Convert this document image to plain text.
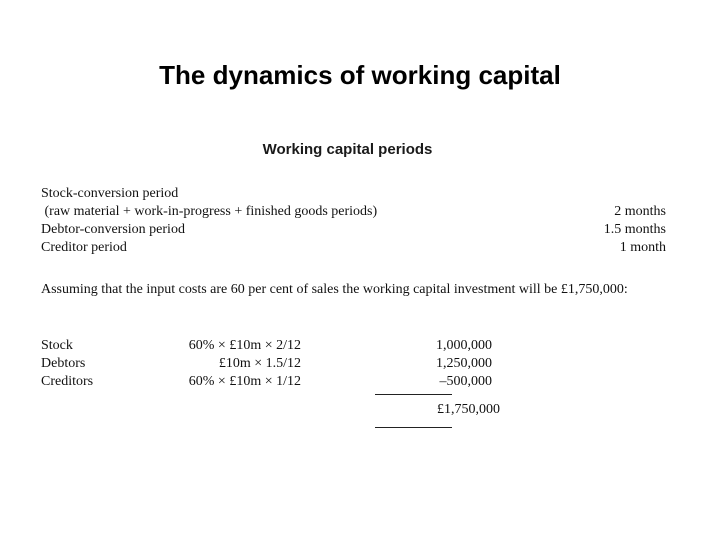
The dynamics of working capital
Working capital periods
Stock-conversion period
(raw material + work-in-progress + finished goods periods)	2 months
Debtor-conversion period	1.5 months
Creditor period	1 month
Assuming that the input costs are 60 per cent of sales the working capital investment will be £1,750,000:
Stock	60% × £10m × 2/12	1,000,000
Debtors	£10m × 1.5/12	1,250,000
Creditors	60% × £10m × 1/12	–500,000
£1,750,000
